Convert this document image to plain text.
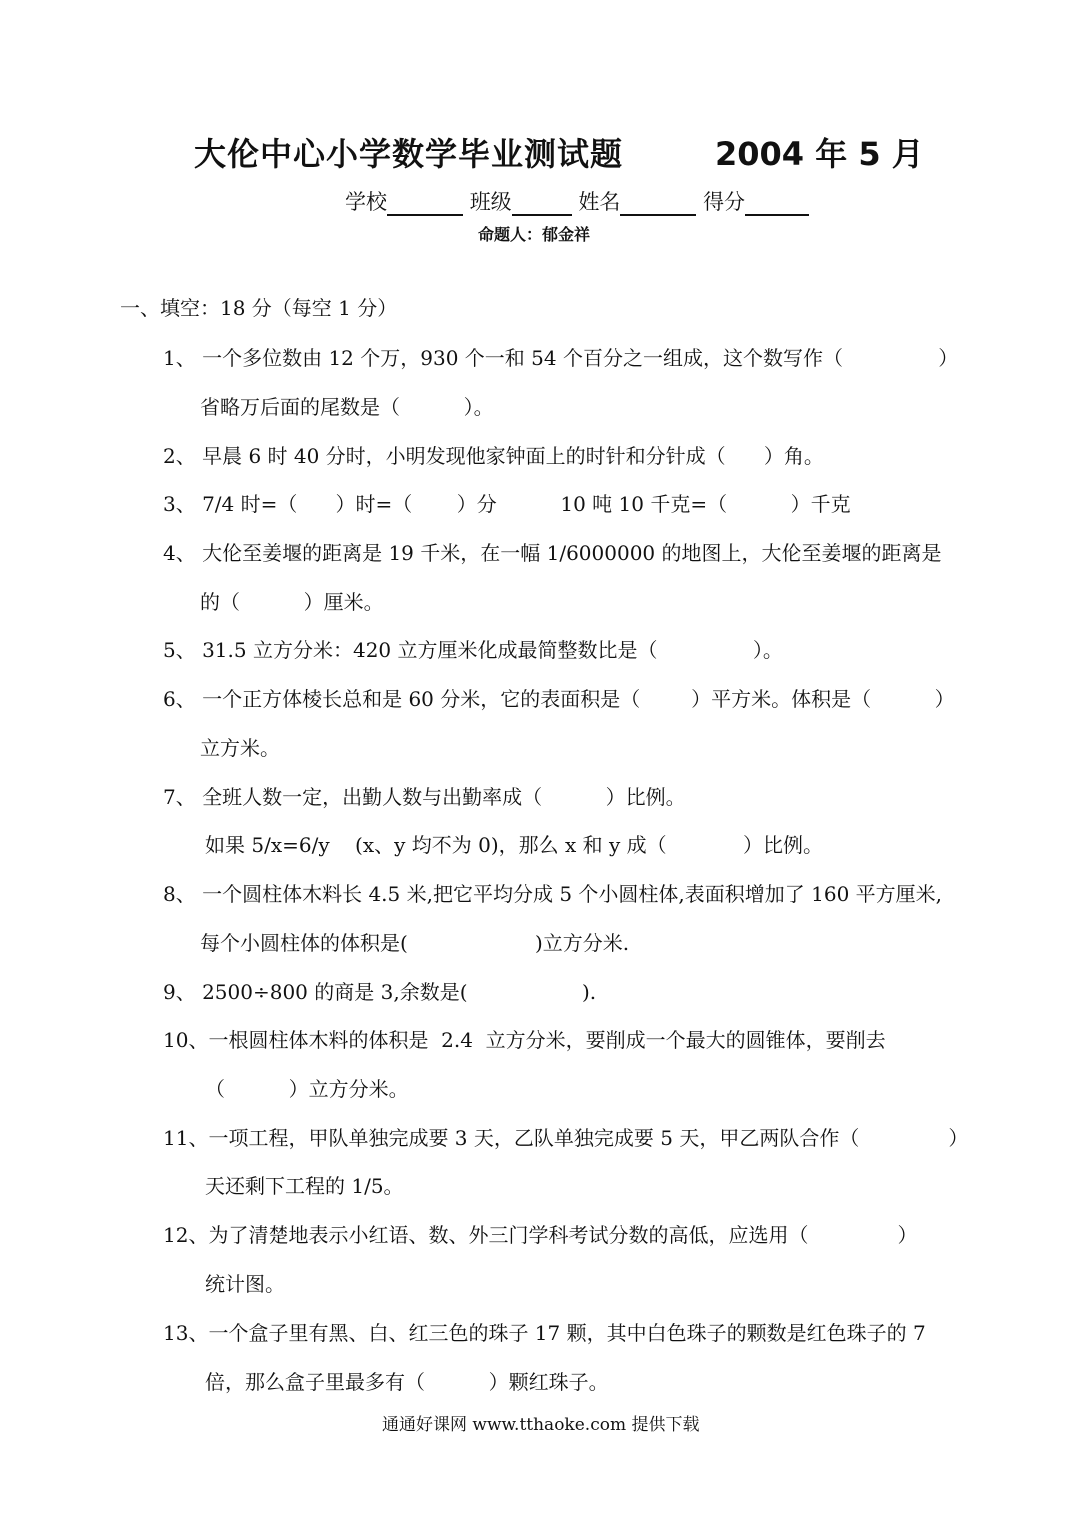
大伦中心小学数学毕业测试题	2004 年 5 月
学校	班级	姓名	得分
命题人：郁金祥
一、填空：18 分（每空 1 分）
1、 一个多位数由 12 个万，930 个一和 54 个百分之一组成，这个数写作（               ）
省略万后面的尾数是（          ）。
2、 早晨 6 时 40 分时，小明发现他家钟面上的时针和分针成（      ）角。
3、 7/4 时=（      ）时=（       ）分          10 吨 10 千克=（          ）千克
4、 大伦至姜堰的距离是 19 千米，在一幅 1/6000000 的地图上，大伦至姜堰的距离是
的（          ）厘米。
5、 31.5 立方分米：420 立方厘米化成最简整数比是（               ）。
6、 一个正方体棱长总和是 60 分米，它的表面积是（        ）平方米。体积是（          ）
立方米。
7、 全班人数一定，出勤人数与出勤率成（          ）比例。
如果 5/x=6/y    (x、y 均不为 0)，那么 x 和 y 成（            ）比例。
8、 一个圆柱体木料长 4.5 米,把它平均分成 5 个小圆柱体,表面积增加了 160 平方厘米,
每个小圆柱体的体积是(                    )立方分米.
9、 2500÷800 的商是 3,余数是(                  ).
10、一根圆柱体木料的体积是  2.4  立方分米，要削成一个最大的圆锥体，要削去
（          ）立方分米。
11、一项工程，甲队单独完成要 3 天，乙队单独完成要 5 天，甲乙两队合作（              ）
天还剩下工程的 1/5。
12、为了清楚地表示小红语、数、外三门学科考试分数的高低，应选用（              ）
统计图。
13、一个盒子里有黑、白、红三色的珠子 17 颗，其中白色珠子的颗数是红色珠子的 7
倍，那么盒子里最多有（          ）颗红珠子。
通通好课网 www.tthaoke.com 提供下载
